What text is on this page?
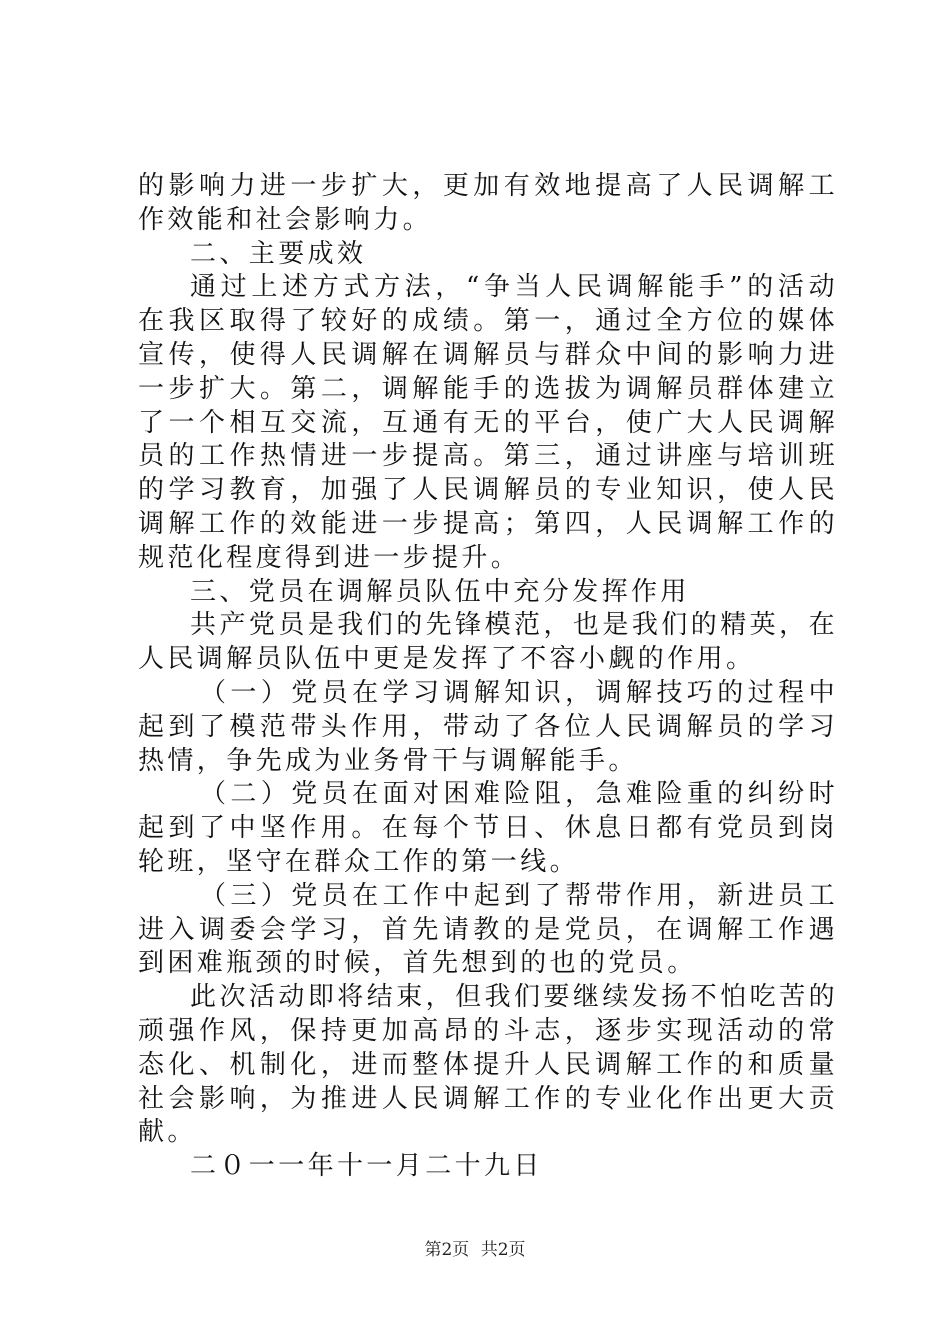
的影响力进一步扩大，更加有效地提高了人民调解工作效能和社会影响力。

二、主要成效

通过上述方式方法，“争当人民调解能手”的活动在我区取得了较好的成绩。第一，通过全方位的媒体宣传，使得人民调解在调解员与群众中间的影响力进一步扩大。第二，调解能手的选拔为调解员群体建立了一个相互交流，互通有无的平台，使广大人民调解员的工作热情进一步提高。第三，通过讲座与培训班的学习教育，加强了人民调解员的专业知识，使人民调解工作的效能进一步提高；第四，人民调解工作的规范化程度得到进一步提升。

三、党员在调解员队伍中充分发挥作用

共产党员是我们的先锋模范，也是我们的精英，在人民调解员队伍中更是发挥了不容小觑的作用。

（一）党员在学习调解知识，调解技巧的过程中起到了模范带头作用，带动了各位人民调解员的学习热情，争先成为业务骨干与调解能手。

（二）党员在面对困难险阻，急难险重的纠纷时起到了中坚作用。在每个节日、休息日都有党员到岗轮班，坚守在群众工作的第一线。

（三）党员在工作中起到了帮带作用，新进员工进入调委会学习，首先请教的是党员，在调解工作遇到困难瓶颈的时候，首先想到的也的党员。

此次活动即将结束，但我们要继续发扬不怕吃苦的顽强作风，保持更加高昂的斗志，逐步实现活动的常态化、机制化，进而整体提升人民调解工作的和质量社会影响，为推进人民调解工作的专业化作出更大贡献。

二０一一年十一月二十九日

第2页 共2页
